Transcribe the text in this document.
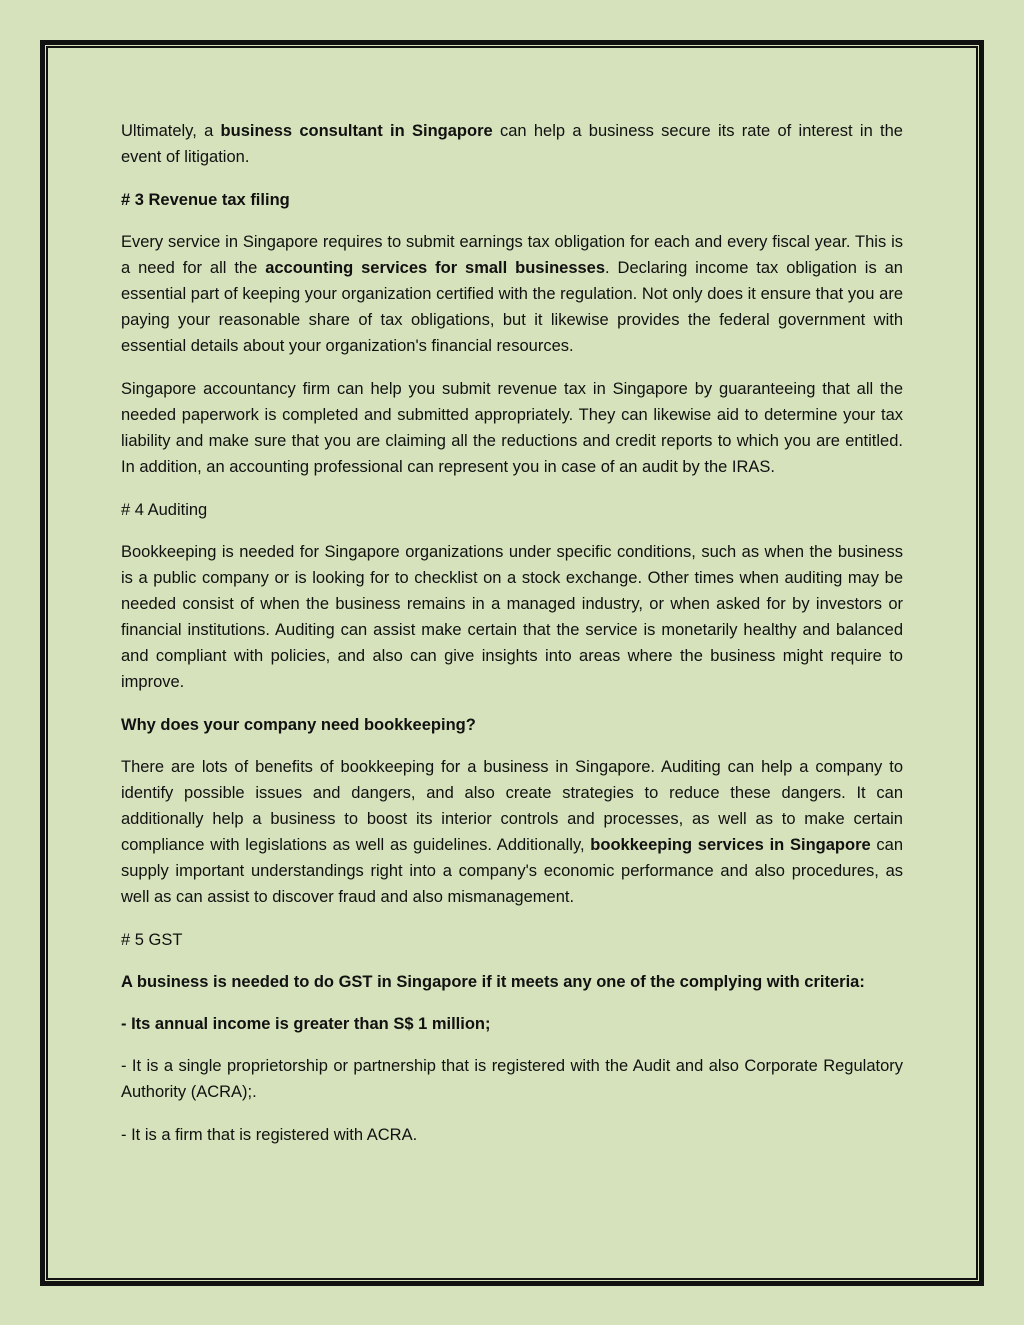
Ultimately, a business consultant in Singapore can help a business secure its rate of interest in the event of litigation.

# 3 Revenue tax filing

Every service in Singapore requires to submit earnings tax obligation for each and every fiscal year. This is a need for all the accounting services for small businesses. Declaring income tax obligation is an essential part of keeping your organization certified with the regulation. Not only does it ensure that you are paying your reasonable share of tax obligations, but it likewise provides the federal government with essential details about your organization's financial resources.

Singapore accountancy firm can help you submit revenue tax in Singapore by guaranteeing that all the needed paperwork is completed and submitted appropriately. They can likewise aid to determine your tax liability and make sure that you are claiming all the reductions and credit reports to which you are entitled. In addition, an accounting professional can represent you in case of an audit by the IRAS.

# 4 Auditing

Bookkeeping is needed for Singapore organizations under specific conditions, such as when the business is a public company or is looking for to checklist on a stock exchange. Other times when auditing may be needed consist of when the business remains in a managed industry, or when asked for by investors or financial institutions. Auditing can assist make certain that the service is monetarily healthy and balanced and compliant with policies, and also can give insights into areas where the business might require to improve.

Why does your company need bookkeeping?

There are lots of benefits of bookkeeping for a business in Singapore. Auditing can help a company to identify possible issues and dangers, and also create strategies to reduce these dangers. It can additionally help a business to boost its interior controls and processes, as well as to make certain compliance with legislations as well as guidelines. Additionally, bookkeeping services in Singapore can supply important understandings right into a company's economic performance and also procedures, as well as can assist to discover fraud and also mismanagement.

# 5 GST

A business is needed to do GST in Singapore if it meets any one of the complying with criteria:

- Its annual income is greater than S$ 1 million;

- It is a single proprietorship or partnership that is registered with the Audit and also Corporate Regulatory Authority (ACRA);.

- It is a firm that is registered with ACRA.
